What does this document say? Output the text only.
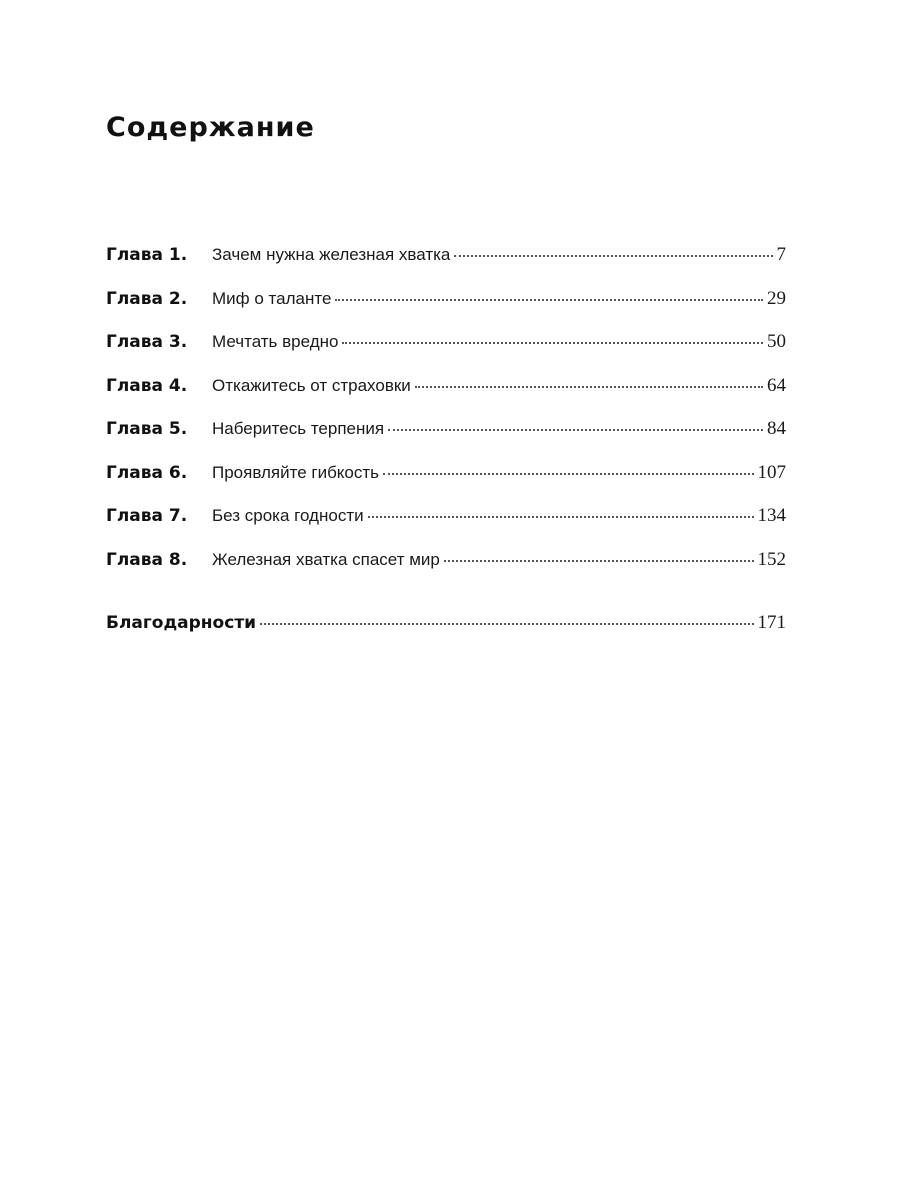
Содержание
Глава 1.	Зачем нужна железная хватка	7
Глава 2.	Миф о таланте	29
Глава 3.	Мечтать вредно	50
Глава 4.	Откажитесь от страховки	64
Глава 5.	Наберитесь терпения	84
Глава 6.	Проявляйте гибкость	107
Глава 7.	Без срока годности	134
Глава 8.	Железная хватка спасет мир	152
Благодарности	171
